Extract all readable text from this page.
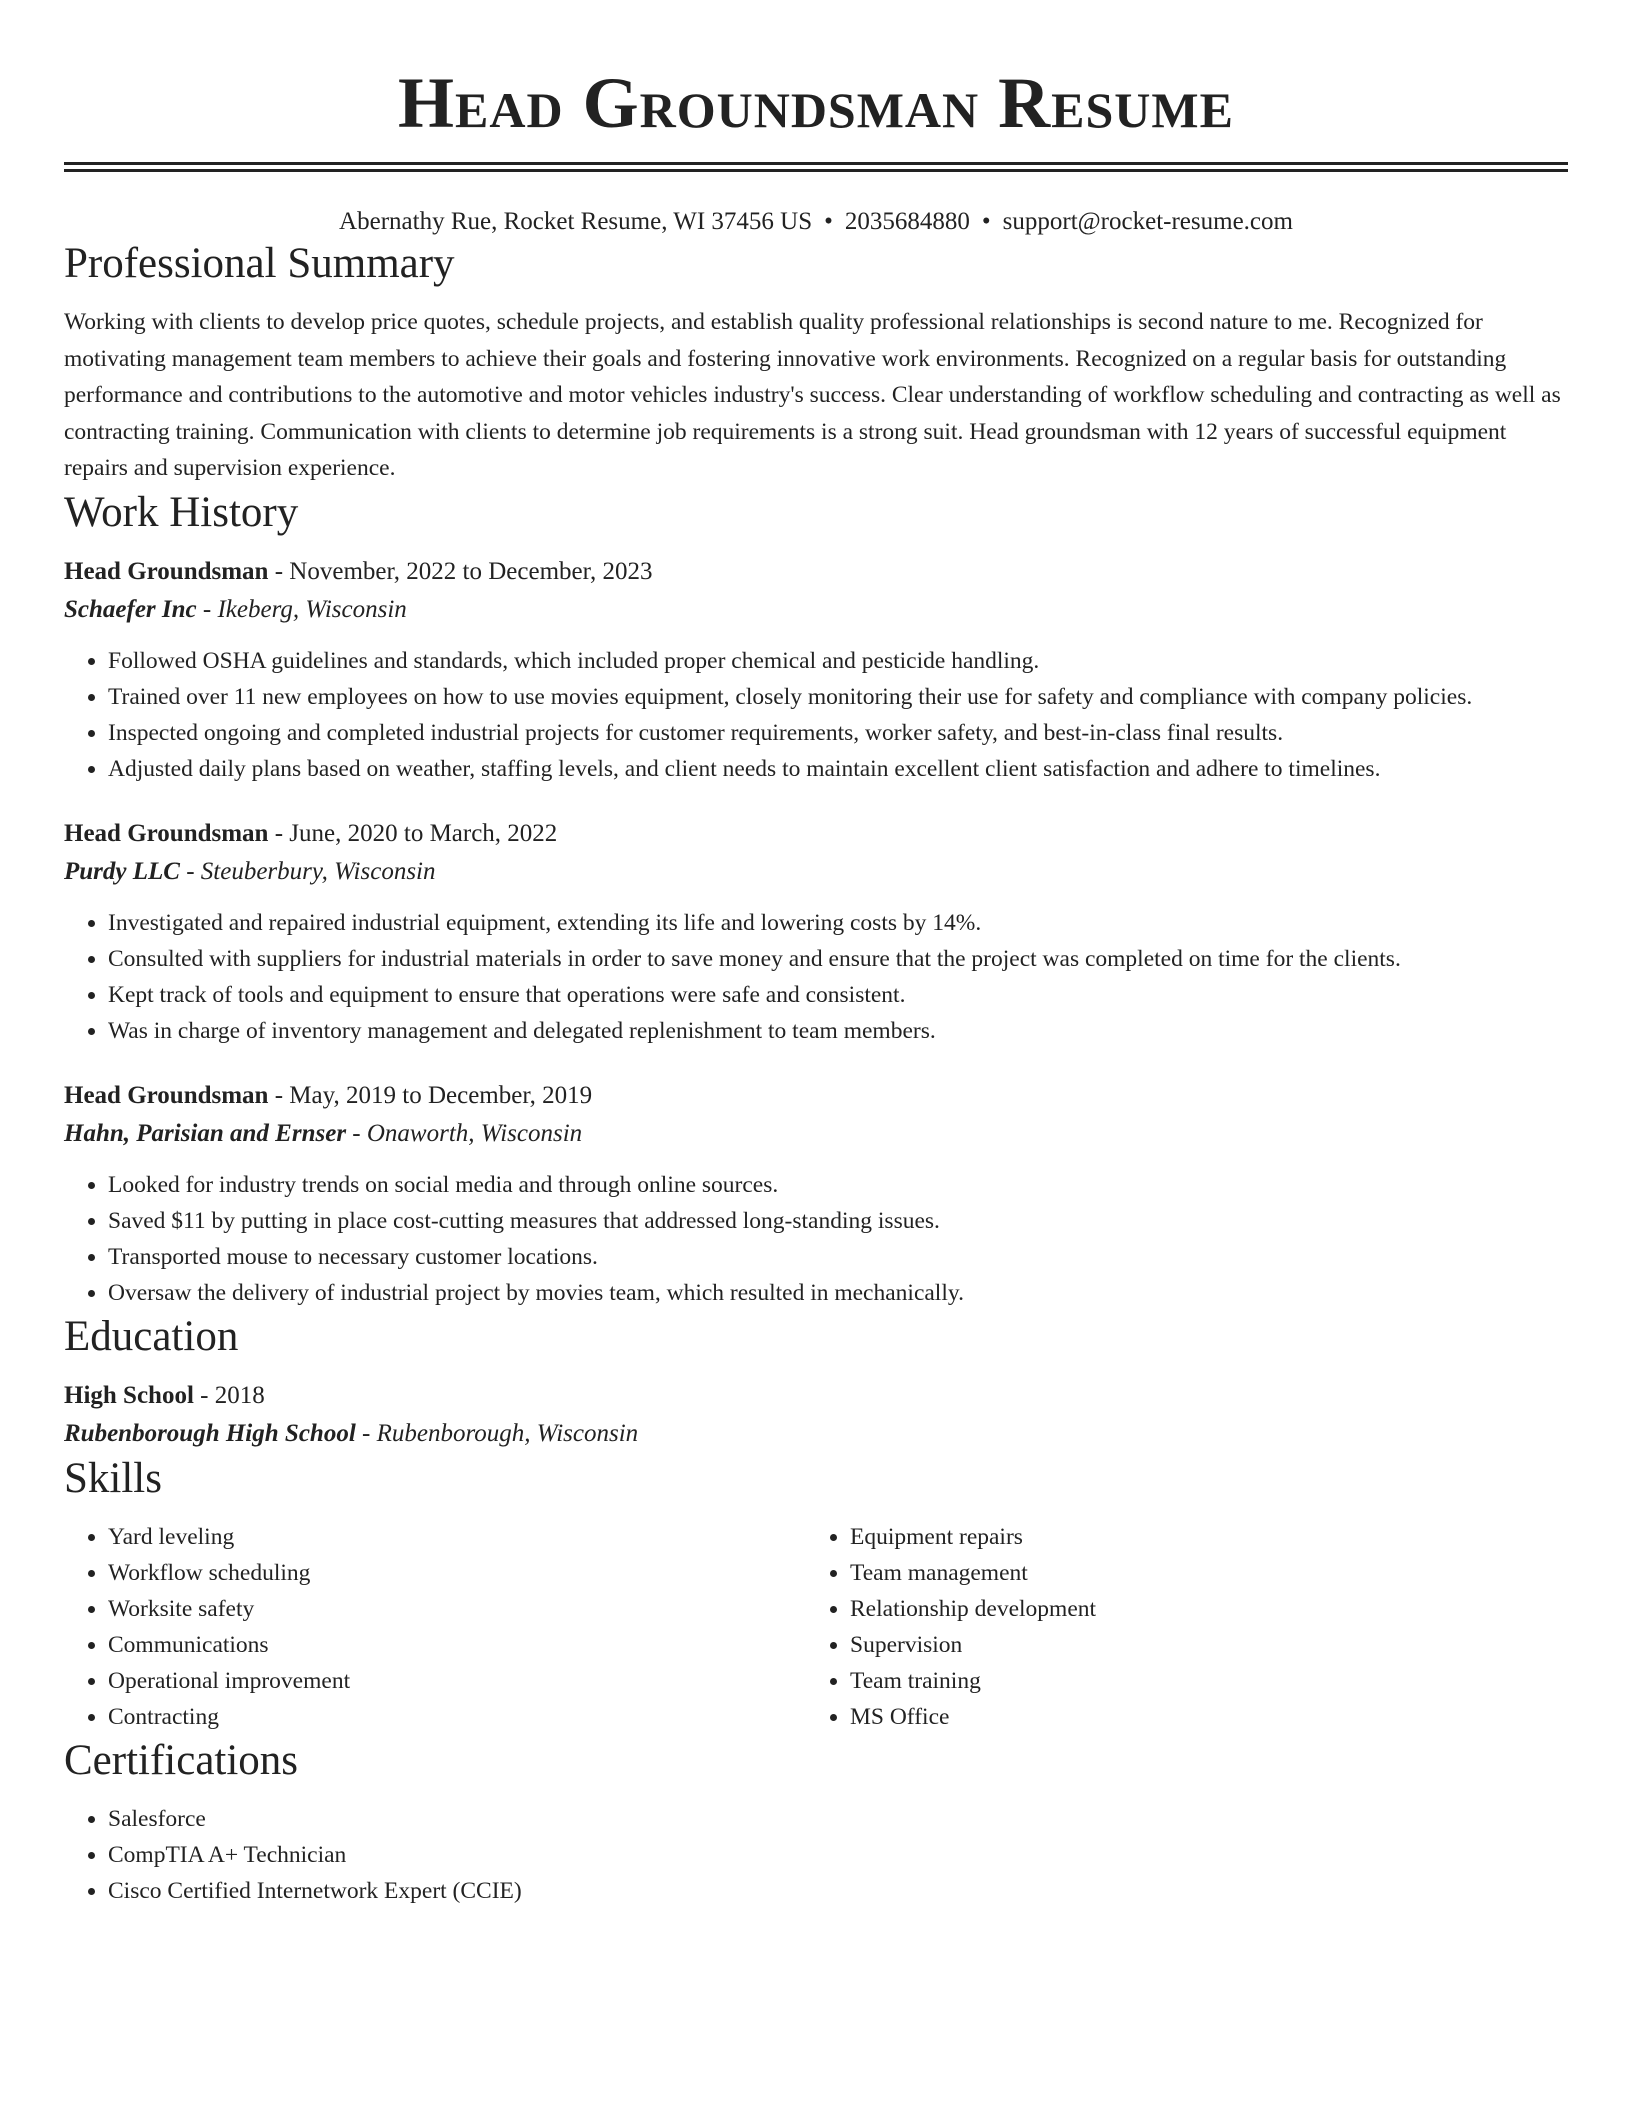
Head Groundsman Resume
Abernathy Rue, Rocket Resume, WI 37456 US • 2035684880 • support@rocket-resume.com
Professional Summary
Working with clients to develop price quotes, schedule projects, and establish quality professional relationships is second nature to me. Recognized for motivating management team members to achieve their goals and fostering innovative work environments. Recognized on a regular basis for outstanding performance and contributions to the automotive and motor vehicles industry's success. Clear understanding of workflow scheduling and contracting as well as contracting training. Communication with clients to determine job requirements is a strong suit. Head groundsman with 12 years of successful equipment repairs and supervision experience.
Work History
Head Groundsman - November, 2022 to December, 2023
Schaefer Inc - Ikeberg, Wisconsin
• Followed OSHA guidelines and standards, which included proper chemical and pesticide handling.
• Trained over 11 new employees on how to use movies equipment, closely monitoring their use for safety and compliance with company policies.
• Inspected ongoing and completed industrial projects for customer requirements, worker safety, and best-in-class final results.
• Adjusted daily plans based on weather, staffing levels, and client needs to maintain excellent client satisfaction and adhere to timelines.
Head Groundsman - June, 2020 to March, 2022
Purdy LLC - Steuberbury, Wisconsin
• Investigated and repaired industrial equipment, extending its life and lowering costs by 14%.
• Consulted with suppliers for industrial materials in order to save money and ensure that the project was completed on time for the clients.
• Kept track of tools and equipment to ensure that operations were safe and consistent.
• Was in charge of inventory management and delegated replenishment to team members.
Head Groundsman - May, 2019 to December, 2019
Hahn, Parisian and Ernser - Onaworth, Wisconsin
• Looked for industry trends on social media and through online sources.
• Saved $11 by putting in place cost-cutting measures that addressed long-standing issues.
• Transported mouse to necessary customer locations.
• Oversaw the delivery of industrial project by movies team, which resulted in mechanically.
Education
High School - 2018
Rubenborough High School - Rubenborough, Wisconsin
Skills
• Yard leveling
• Workflow scheduling
• Worksite safety
• Communications
• Operational improvement
• Contracting
• Equipment repairs
• Team management
• Relationship development
• Supervision
• Team training
• MS Office
Certifications
• Salesforce
• CompTIA A+ Technician
• Cisco Certified Internetwork Expert (CCIE)
